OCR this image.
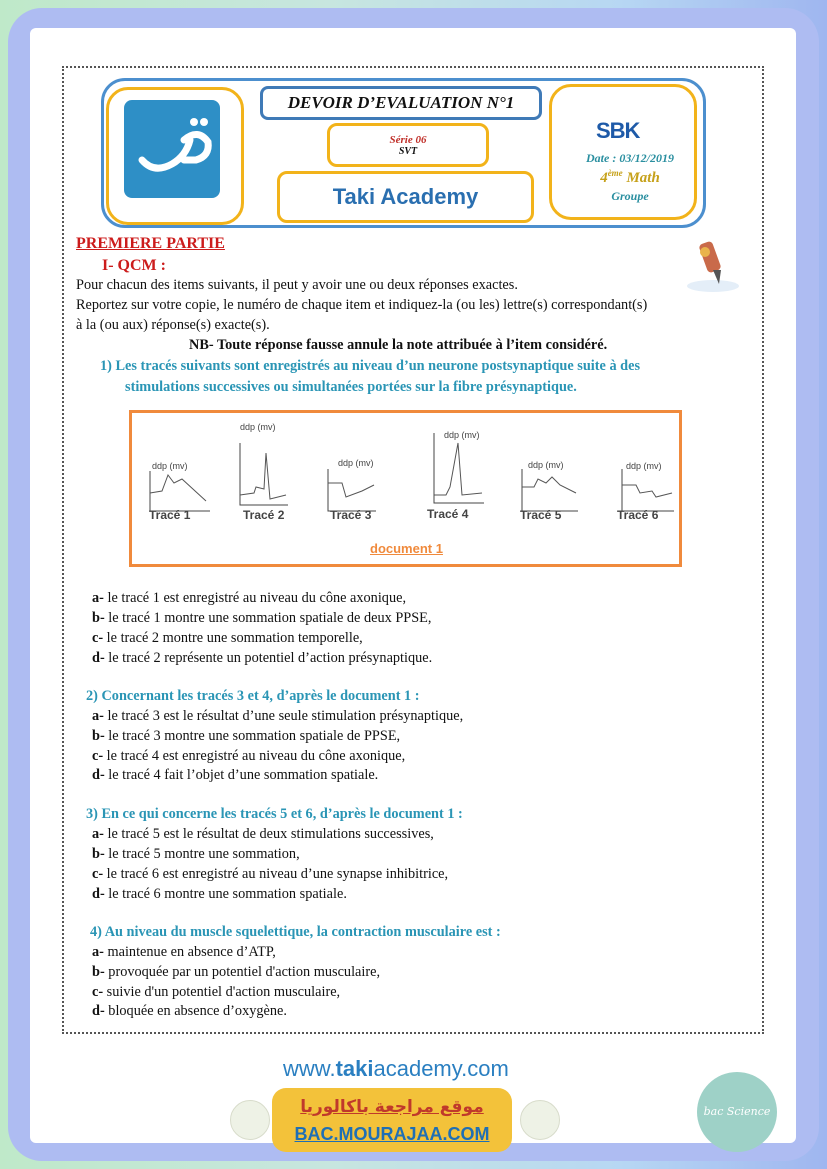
DEVOIR D’EVALUATION N°1
Série 06
SVT
Taki Academy
SBK
Date : 03/12/2019
4ème Math
Groupe
PREMIERE PARTIE
I- QCM :
Pour chacun des items suivants, il peut y avoir une ou deux réponses exactes.
Reportez sur votre copie, le numéro de chaque item et indiquez-la (ou les) lettre(s) correspondant(s)
à la (ou aux) réponse(s) exacte(s).
NB- Toute réponse fausse annule la note attribuée à l’item considéré.
1) Les tracés suivants sont enregistrés au niveau d’un neurone postsynaptique suite à des
stimulations successives ou simultanées portées sur la fibre présynaptique.
ddp (mv)
ddp (mv)
ddp (mv)
ddp (mv)
ddp (mv)	ddp (mv)
Tracé 1	Tracé 2	Tracé 3	Tracé 4	Tracé 5	Tracé 6
document 1
a- le tracé 1 est enregistré au niveau du cône axonique,
b- le tracé 1 montre une sommation spatiale de deux PPSE,
c- le tracé 2 montre une sommation temporelle,
d- le tracé 2 représente un potentiel d’action présynaptique.
2) Concernant les tracés 3 et 4, d’après le document 1 :
a- le tracé 3 est le résultat d’une seule stimulation présynaptique,
b- le tracé 3 montre une sommation spatiale de PPSE,
c- le tracé 4 est enregistré au niveau du cône axonique,
d- le tracé 4 fait l’objet d’une sommation spatiale.
3) En ce qui concerne les tracés 5 et 6, d’après le document 1 :
a- le tracé 5 est le résultat de deux stimulations successives,
b- le tracé 5 montre une sommation,
c- le tracé 6 est enregistré au niveau d’une synapse inhibitrice,
d- le tracé 6 montre une sommation spatiale.
4) Au niveau du muscle squelettique, la contraction musculaire est :
a- maintenue en absence d’ATP,
b- provoquée par un potentiel d'action musculaire,
c- suivie d'un potentiel d'action musculaire,
d- bloquée en absence d’oxygène.
www.takiacademy.com
موقع مراجعة باكالوريا
BAC.MOURAJAA.COM
bac Science
